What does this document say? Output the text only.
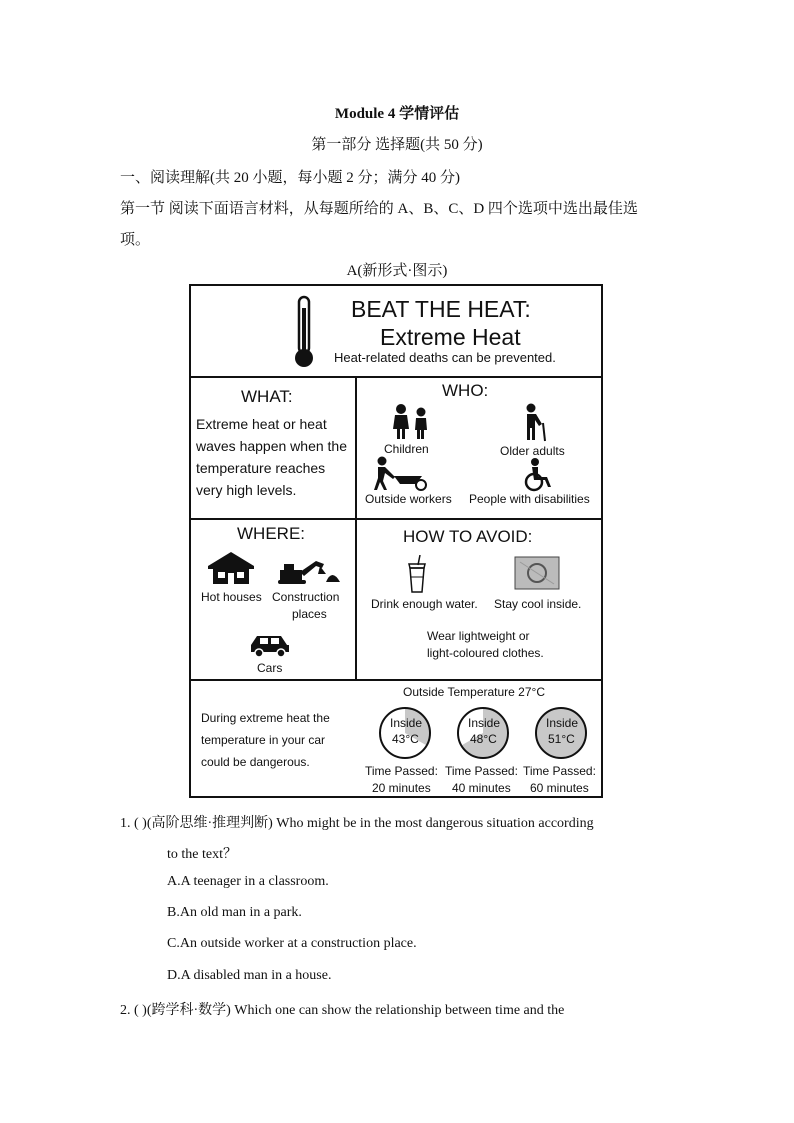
Module 4 学情评估
第一部分 选择题(共 50 分)
一、阅读理解(共 20 小题，每小题 2 分；满分 40 分)
第一节 阅读下面语言材料，从每题所给的 A、B、C、D 四个选项中选出最佳选
项。
A(新形式·图示)
BEAT THE HEAT:
Extreme Heat
Heat-related deaths can be prevented.
WHAT:
Extreme heat or heat
waves happen when the
temperature reaches
very high levels.
WHO:
Children	Older adults
Outside workers People with disabilities
WHERE:
Hot houses Construction
places
Cars
HOW TO AVOID:
Drink enough water. Stay cool inside.
Wear lightweight or
light-coloured clothes.
During extreme heat the
temperature in your car
could be dangerous.
Outside Temperature 27°C
Inside
43°C
Time Passed:
20 minutes
Inside
48°C
Time Passed:
40 minutes
Inside
51°C
Time Passed:
60 minutes
1. ( )(高阶思维·推理判断) Who might be in the most dangerous situation according
to the text？
A.A teenager in a classroom.
B.An old man in a park.
C.An outside worker at a construction place.
D.A disabled man in a house.
2. ( )(跨学科·数学) Which one can show the relationship between time and the
